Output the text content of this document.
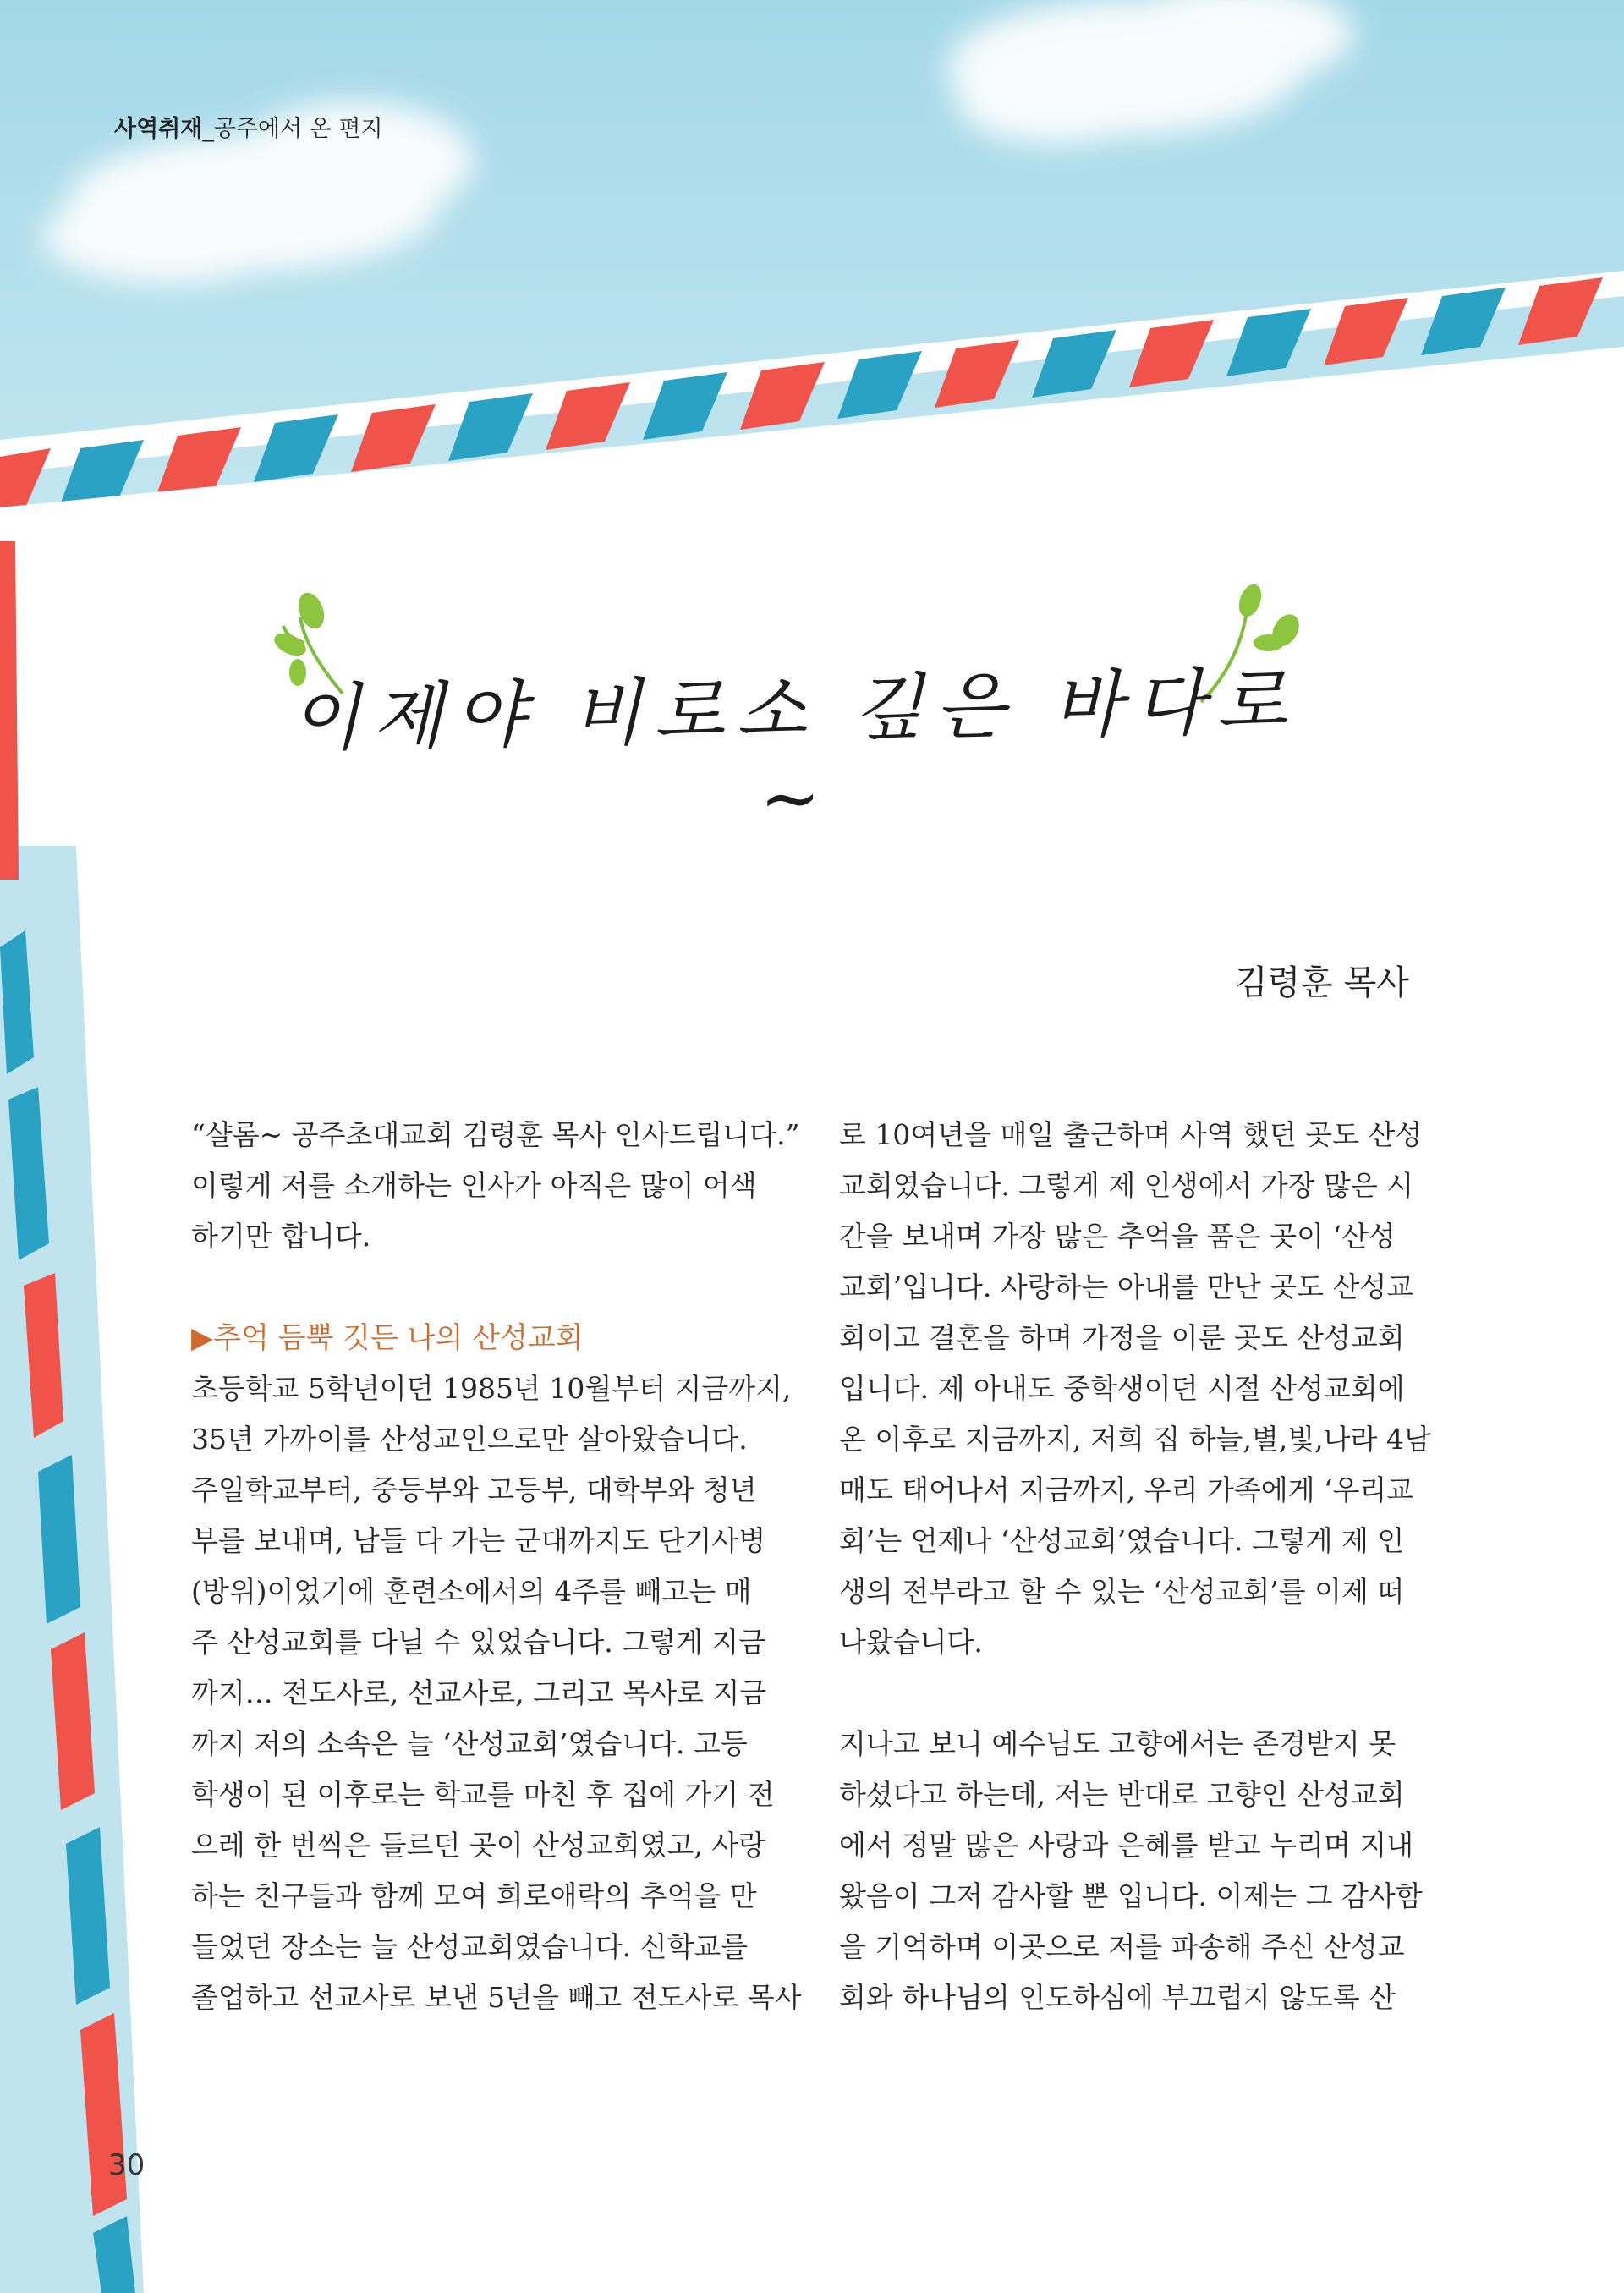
사역취재_공주에서 온 편지
이제야 비로소 깊은 바다로~
김령훈 목사

“샬롬~ 공주초대교회 김령훈 목사 인사드립니다.”

이렇게 저를 소개하는 인사가 아직은 많이 어색

하기만 합니다.

▶추억 듬뿍 깃든 나의 산성교회

초등학교 5학년이던 1985년 10월부터 지금까지,

35년 가까이를 산성교인으로만 살아왔습니다.

주일학교부터, 중등부와 고등부, 대학부와 청년

부를 보내며, 남들 다 가는 군대까지도 단기사병

(방위)이었기에 훈련소에서의 4주를 빼고는 매

주 산성교회를 다닐 수 있었습니다. 그렇게 지금

까지… 전도사로, 선교사로, 그리고 목사로 지금

까지 저의 소속은 늘 ‘산성교회’였습니다. 고등

학생이 된 이후로는 학교를 마친 후 집에 가기 전

으레 한 번씩은 들르던 곳이 산성교회였고, 사랑

하는 친구들과 함께 모여 희로애락의 추억을 만

들었던 장소는 늘 산성교회였습니다. 신학교를

졸업하고 선교사로 보낸 5년을 빼고 전도사로 목사

로 10여년을 매일 출근하며 사역 했던 곳도 산성

교회였습니다. 그렇게 제 인생에서 가장 많은 시

간을 보내며 가장 많은 추억을 품은 곳이 ‘산성

교회’입니다. 사랑하는 아내를 만난 곳도 산성교

회이고 결혼을 하며 가정을 이룬 곳도 산성교회

입니다. 제 아내도 중학생이던 시절 산성교회에

온 이후로 지금까지, 저희 집 하늘,별,빛,나라 4남

매도 태어나서 지금까지, 우리 가족에게 ‘우리교

회’는 언제나 ‘산성교회’였습니다. 그렇게 제 인

생의 전부라고 할 수 있는 ‘산성교회’를 이제 떠

나왔습니다.

지나고 보니 예수님도 고향에서는 존경받지 못

하셨다고 하는데, 저는 반대로 고향인 산성교회

에서 정말 많은 사랑과 은혜를 받고 누리며 지내

왔음이 그저 감사할 뿐 입니다. 이제는 그 감사함

을 기억하며 이곳으로 저를 파송해 주신 산성교

회와 하나님의 인도하심에 부끄럽지 않도록 산

30
